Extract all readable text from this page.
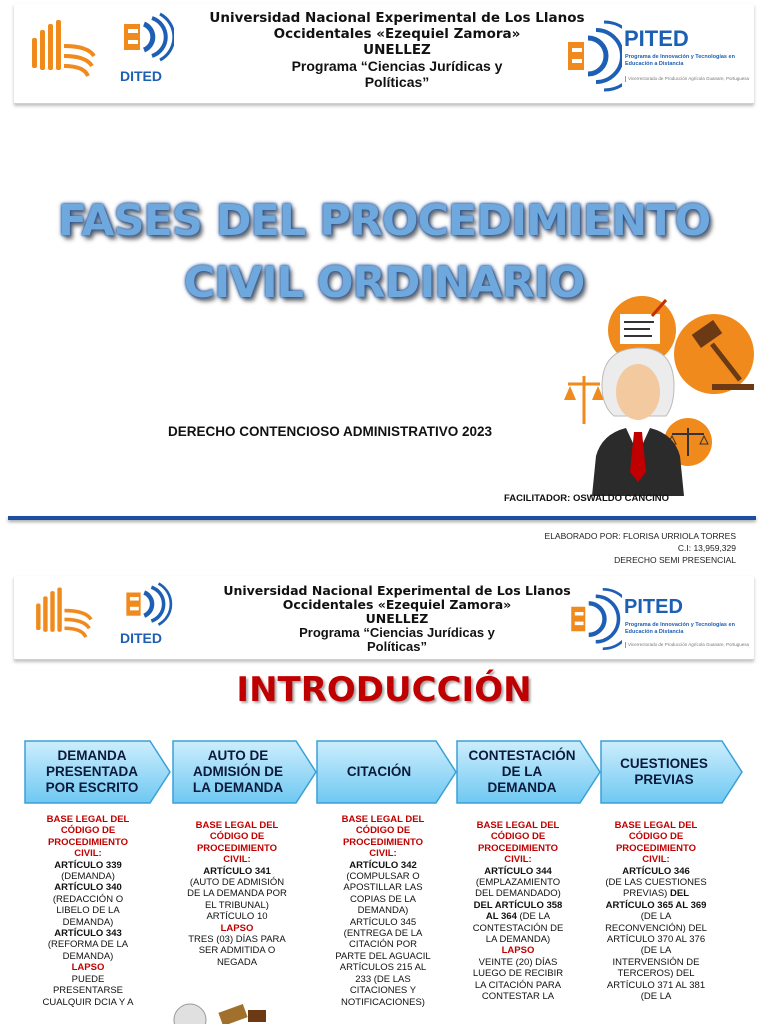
DITED
Universidad Nacional Experimental de Los Llanos
Occidentales «Ezequiel Zamora»
UNELLEZ
Programa “Ciencias Jurídicas y
Políticas”
PITED
Programa de Innovación y Tecnologías en Educación a Distancia
Vicerrectorado de Producción Agrícola Guanare, Portuguesa
FASES DEL PROCEDIMIENTO
CIVIL ORDINARIO
DERECHO CONTENCIOSO ADMINISTRATIVO 2023
FACILITADOR: OSWALDO CANCINO
ELABORADO POR: FLORISA URRIOLA TORRES
C.I: 13,959,329
DERECHO SEMI PRESENCIAL
DITED
Universidad Nacional Experimental de Los Llanos
Occidentales «Ezequiel Zamora»
UNELLEZ
Programa “Ciencias Jurídicas y
Políticas”
PITED
Programa de Innovación y Tecnologías en Educación a Distancia
Vicerrectorado de Producción Agrícola Guanare, Portuguesa
INTRODUCCIÓN
DEMANDA
PRESENTADA
POR ESCRITO
AUTO DE
ADMISIÓN DE
LA DEMANDA
CITACIÓN
CONTESTACIÓN
DE LA
DEMANDA
CUESTIONES
PREVIAS
BASE LEGAL DEL
CÓDIGO DE
PROCEDIMIENTO
CIVIL:
ARTÍCULO 339
(DEMANDA)
ARTÍCULO 340
(REDACCIÓN O
LIBELO DE LA
DEMANDA)
ARTÍCULO 343
(REFORMA DE LA
DEMANDA)
LAPSO
PUEDE
PRESENTARSE
CUALQUIR DCIA Y A
BASE LEGAL DEL
CÓDIGO DE
PROCEDIMIENTO
CIVIL:
ARTÍCULO 341
(AUTO DE ADMISIÓN
DE LA DEMANDA POR
EL TRIBUNAL)
ARTÍCULO 10
LAPSO
TRES (03) DÍAS PARA
SER ADMITIDA O
NEGADA
BASE LEGAL DEL
CÓDIGO DE
PROCEDIMIENTO
CIVIL:
ARTÍCULO 342
(COMPULSAR O
APOSTILLAR LAS
COPIAS DE LA
DEMANDA)
ARTÍCULO 345
(ENTREGA DE LA
CITACIÓN POR
PARTE DEL AGUACIL
ARTÍCULOS 215 AL
233 (DE LAS
CITACIONES Y
NOTIFICACIONES)
BASE LEGAL DEL
CÓDIGO DE
PROCEDIMIENTO
CIVIL:
ARTÍCULO 344
(EMPLAZAMIENTO
DEL DEMANDADO)
DEL ARTÍCULO 358
AL 364 (DE LA
CONTESTACIÓN DE
LA DEMANDA)
LAPSO
VEINTE (20) DÍAS
LUEGO DE RECIBIR
LA CITACIÓN PARA
CONTESTAR LA
BASE LEGAL DEL
CÓDIGO DE
PROCEDIMIENTO
CIVIL:
ARTÍCULO 346
(DE LAS CUESTIONES
PREVIAS) DEL
ARTÍCULO 365 AL 369
(DE LA
RECONVENCIÓN) DEL
ARTÍCULO 370 AL 376
(DE LA
INTERVENSIÓN DE
TERCEROS) DEL
ARTÍCULO 371 AL 381
(DE LA
